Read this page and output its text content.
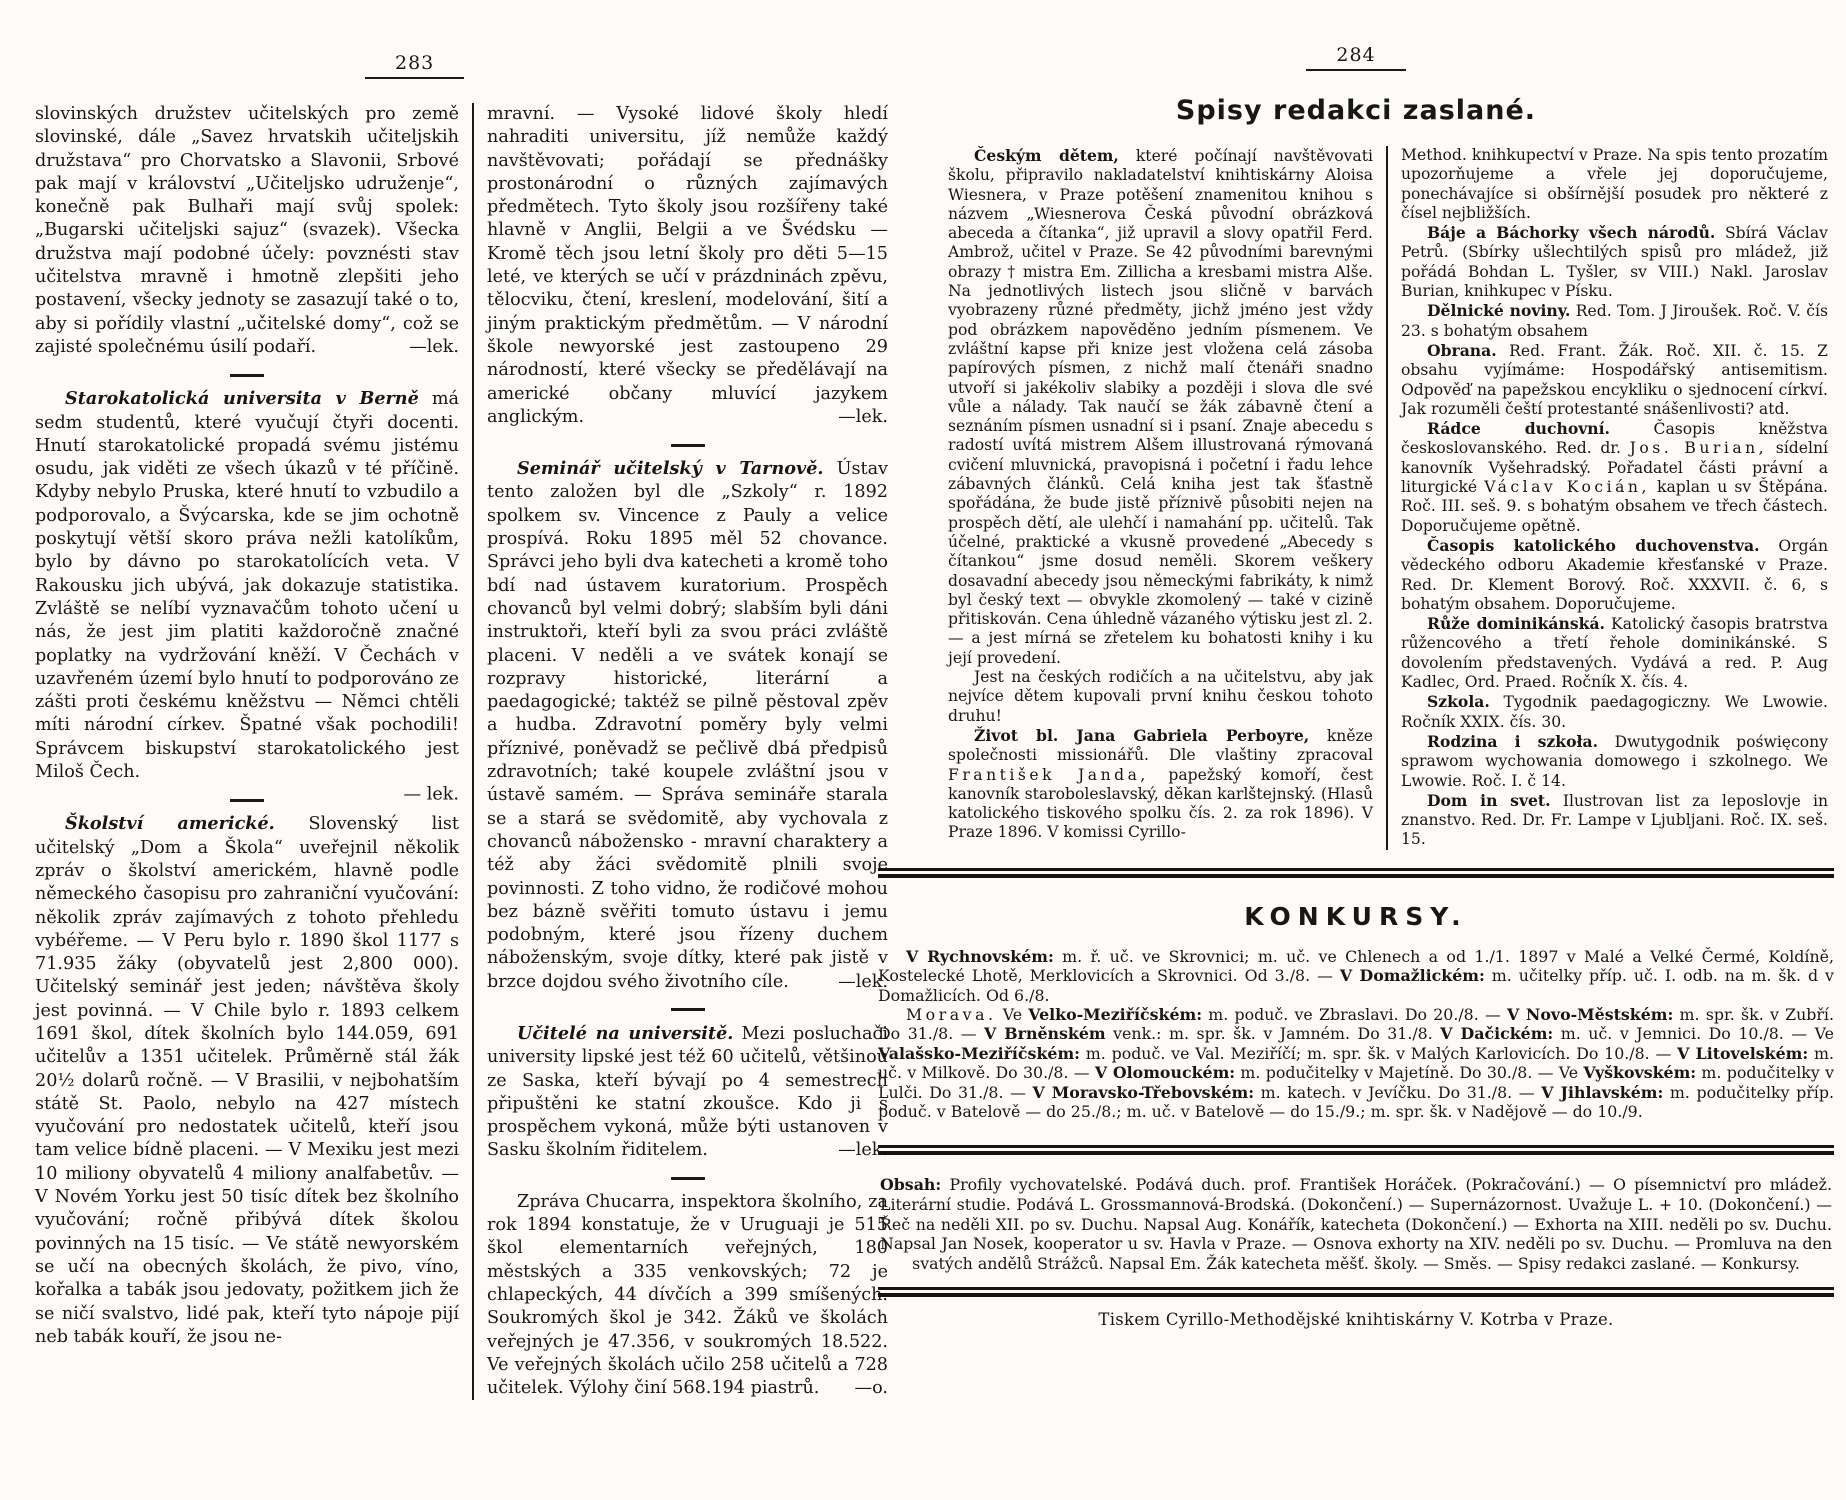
283

slovinských družstev učitelských pro země slovinské, dále „Savez hrvatskih učiteljskih družstava“ pro Chorvatsko a Slavonii, Srbové pak mají v království „Učiteljsko udruženje“, konečně pak Bulhaři mají svůj spolek: „Bugarski učiteljski sajuz“ (svazek). Všecka družstva mají podobné účely: povznésti stav učitelstva mravně i hmotně zlepšiti jeho postavení, všecky jednoty se zasazují také o to, aby si pořídily vlastní „učitelské domy“, což se zajisté společnému úsilí podaří.	—lek.

Starokatolická universita v Berně má sedm studentů, které vyučují čtyři docenti. Hnutí starokatolické propadá svému jistému osudu, jak viděti ze všech úkazů v té příčině. Kdyby nebylo Pruska, které hnutí to vzbudilo a podporovalo, a Švýcarska, kde se jim ochotně poskytují větší skoro práva nežli katolíkům, bylo by dávno po starokatolících veta. V Rakousku jich ubývá, jak dokazuje statistika. Zvláště se nelíbí vyznavačům tohoto učení u nás, že jest jim platiti každoročně značné poplatky na vydržování kněží. V Čechách v uzavřeném území bylo hnutí to podporováno ze zášti proti českému kněžstvu — Němci chtěli míti národní církev. Špatné však pochodili! Správcem biskupství starokatolického jest Miloš Čech.

— lek.

Školství americké. Slovenský list učitelský „Dom a Škola“ uveřejnil několik zpráv o školství americkém, hlavně podle německého časopisu pro zahraniční vyučování: několik zpráv zajímavých z tohoto přehledu vybéřeme. — V Peru bylo r. 1890 škol 1177 s 71.935 žáky (obyvatelů jest 2,800 000). Učitelský seminář jest jeden; návštěva školy jest povinná. — V Chile bylo r. 1893 celkem 1691 škol, dítek školních bylo 144.059, 691 učitelův a 1351 učitelek. Průměrně stál žák 20½ dolarů ročně. — V Brasilii, v nejbohatším státě St. Paolo, nebylo na 427 místech vyučování pro nedostatek učitelů, kteří jsou tam velice bídně placeni. — V Mexiku jest mezi 10 miliony obyvatelů 4 miliony analfabetův. — V Novém Yorku jest 50 tisíc dítek bez školního vyučování; ročně přibývá dítek školou povinných na 15 tisíc. — Ve státě newyorském se učí na obecných školách, že pivo, víno, kořalka a tabák jsou jedovaty, požitkem jich že se ničí svalstvo, lidé pak, kteří tyto nápoje pijí neb tabák kouří, že jsou ne-

mravní. — Vysoké lidové školy hledí nahraditi universitu, jíž nemůže každý navštěvovati; pořádají se přednášky prostonárodní o různých zajímavých předmětech. Tyto školy jsou rozšířeny také hlavně v Anglii, Belgii a ve Švédsku — Kromě těch jsou letní školy pro děti 5—15 leté, ve kterých se učí v prázdninách zpěvu, tělocviku, čtení, kreslení, modelování, šití a jiným praktickým předmětům. — V národní škole newyorské jest zastoupeno 29 národností, které všecky se předělávají na americké občany mluvící jazykem anglickým.	—lek.

Seminář učitelský v Tarnově. Ústav tento založen byl dle „Szkoly“ r. 1892 spolkem sv. Vincence z Pauly a velice prospívá. Roku 1895 měl 52 chovance. Správci jeho byli dva katecheti a kromě toho bdí nad ústavem kuratorium. Prospěch chovanců byl velmi dobrý; slabším byli dáni instruktoři, kteří byli za svou práci zvláště placeni. V neděli a ve svátek konají se rozpravy historické, literární a paedagogické; taktéž se pilně pěstoval zpěv a hudba. Zdravotní poměry byly velmi příznivé, poněvadž se pečlivě dbá předpisů zdravotních; také koupele zvláštní jsou v ústavě samém. — Správa semináře starala se a stará se svědomitě, aby vychovala z chovanců nábožensko - mravní charaktery a též aby žáci svědomitě plnili svoje povinnosti. Z toho vidno, že rodičové mohou bez bázně svěřiti tomuto ústavu i jemu podobným, které jsou řízeny duchem náboženským, svoje dítky, které pak jistě v brzce dojdou svého životního cíle.	—lek.

Učitelé na universitě. Mezi posluchači university lipské jest též 60 učitelů, většinou ze Saska, kteří bývají po 4 semestrech připuštěni ke statní zkoušce. Kdo ji s prospěchem vykoná, může býti ustanoven v Sasku školním řiditelem.	—lek.

Zpráva Chucarra, inspektora školního, za rok 1894 konstatuje, že v Uruguaji je 515 škol elementarních veřejných, 180 městských a 335 venkovských; 72 je chlapeckých, 44 dívčích a 399 smíšených. Soukromých škol je 342. Žáků ve školách veřejných je 47.356, v soukromých 18.522. Ve veřejných školách učilo 258 učitelů a 728 učitelek. Výlohy činí 568.194 piastrů.	—o.

284
Spisy redakci zaslané.

Českým dětem, které počínají navštěvovati školu, připravilo nakladatelství knihtiskárny Aloisa Wiesnera, v Praze potěšení znamenitou knihou s názvem „Wiesnerova Česká původní obrázková abeceda a čítanka“, již upravil a slovy opatřil Ferd. Ambrož, učitel v Praze. Se 42 původními barevnými obrazy † mistra Em. Zillicha a kresbami mistra Alše. Na jednotlivých listech jsou sličně v barvách vyobrazeny různé předměty, jichž jméno jest vždy pod obrázkem napověděno jedním písmenem. Ve zvláštní kapse při knize jest vložena celá zásoba papírových písmen, z nichž malí čtenáři snadno utvoří si jakékoliv slabiky a později i slova dle své vůle a nálady. Tak naučí se žák zábavně čtení a seznáním písmen usnadní si i psaní. Znaje abecedu s radostí uvítá mistrem Alšem illustrovaná rýmovaná cvičení mluvnická, pravopisná i početní i řadu lehce zábavných článků. Celá kniha jest tak šťastně spořádána, že bude jistě příznivě působiti nejen na prospěch dětí, ale ulehčí i namahání pp. učitelů. Tak účelné, praktické a vkusně provedené „Abecedy s čítankou“ jsme dosud neměli. Skorem veškery dosavadní abecedy jsou německými fabrikáty, k nimž byl český text — obvykle zkomolený — také v cizině přitiskován. Cena úhledně vázaného výtisku jest zl. 2.— a jest mírná se zřetelem ku bohatosti knihy i ku její provedení.

Jest na českých rodičích a na učitelstvu, aby jak nejvíce dětem kupovali první knihu českou tohoto druhu!

Život bl. Jana Gabriela Perboyre, kněze společnosti missionářů. Dle vlaštiny zpracoval František Janda, papežský komoří, čest kanovník staroboleslavský, děkan karlštejnský. (Hlasů katolického tiskového spolku čís. 2. za rok 1896). V Praze 1896. V komissi Cyrillo-

Method. knihkupectví v Praze. Na spis tento prozatím upozorňujeme a vřele jej doporučujeme, ponechávajíce si obšírnější posudek pro některé z čísel nejbližších.

Báje a Báchorky všech národů. Sbírá Václav Petrů. (Sbírky ušlechtilých spisů pro mládež, již pořádá Bohdan L. Tyšler, sv VIII.) Nakl. Jaroslav Burian, knihkupec v Písku.

Dělnické noviny. Red. Tom. J Jiroušek. Roč. V. čís 23. s bohatým obsahem

Obrana. Red. Frant. Žák. Roč. XII. č. 15. Z obsahu vyjímáme: Hospodářský antisemitism. Odpověď na papežskou encykliku o sjednocení církví. Jak rozuměli čeští protestanté snášenlivosti? atd.

Rádce duchovní. Časopis kněžstva českoslovanského. Red. dr. Jos. Burian, sídelní kanovník Vyšehradský. Pořadatel části právní a liturgické Václav Kocián, kaplan u sv Štěpána. Roč. III. seš. 9. s bohatým obsahem ve třech částech. Doporučujeme opětně.

Časopis katolického duchovenstva. Orgán vědeckého odboru Akademie křesťanské v Praze. Red. Dr. Klement Borový. Roč. XXXVII. č. 6, s bohatým obsahem. Doporučujeme.

Růže dominikánská. Katolický časopis bratrstva růžencového a třetí řehole dominikánské. S dovolením představených. Vydává a red. P. Aug Kadlec, Ord. Praed. Ročník X. čís. 4.

Szkola. Tygodnik paedagogiczny. We Lwowie. Ročník XXIX. čís. 30.

Rodzina i szkoła. Dwutygodnik poświęcony sprawom wychowania domowego i szkolnego. We Lwowie. Roč. I. č 14.

Dom in svet. Ilustrovan list za leposlovje in znanstvo. Red. Dr. Fr. Lampe v Ljubljani. Roč. IX. seš. 15.

KONKURSY.

V Rychnovském: m. ř. uč. ve Skrovnici; m. uč. ve Chlenech a od 1./1. 1897 v Malé a Velké Čermé, Koldíně, Kostelecké Lhotě, Merklovicích a Skrovnici. Od 3./8. — V Domažlickém: m. učitelky příp. uč. I. odb. na m. šk. d v Domažlicích. Od 6./8.

Morava. Ve Velko-Meziříčském: m. poduč. ve Zbraslavi. Do 20./8. — V Novo-Městském: m. spr. šk. v Zubří. Do 31./8. — V Brněnském venk.: m. spr. šk. v Jamném. Do 31./8. V Dačickém: m. uč. v Jemnici. Do 10./8. — Ve Valašsko-Meziříčském: m. poduč. ve Val. Meziříčí; m. spr. šk. v Malých Karlovicích. Do 10./8. — V Litovelském: m. uč. v Milkově. Do 30./8. — V Olomouckém: m. podučitelky v Majetíně. Do 30./8. — Ve Vyškovském: m. podučitelky v Lulči. Do 31./8. — V Moravsko-Třebovském: m. katech. v Jevíčku. Do 31./8. — V Jihlavském: m. podučitelky příp. poduč. v Batelově — do 25./8.; m. uč. v Batelově — do 15./9.; m. spr. šk. v Nadějově — do 10./9.

Obsah: Profily vychovatelské. Podává duch. prof. František Horáček. (Pokračování.) — O písemnictví pro mládež. Literární studie. Podává L. Grossmannová-Brodská. (Dokončení.) — Supernázornost. Uvažuje L. + 10. (Dokončení.) — Řeč na neděli XII. po sv. Duchu. Napsal Aug. Konářík, katecheta (Dokončení.) — Exhorta na XIII. neděli po sv. Duchu. Napsal Jan Nosek, kooperator u sv. Havla v Praze. — Osnova exhorty na XIV. neděli po sv. Duchu. — Promluva na den svatých andělů Strážců. Napsal Em. Žák katecheta měšť. školy. — Směs. — Spisy redakci zaslané. — Konkursy.

Tiskem Cyrillo-Methodějské knihtiskárny V. Kotrba v Praze.
